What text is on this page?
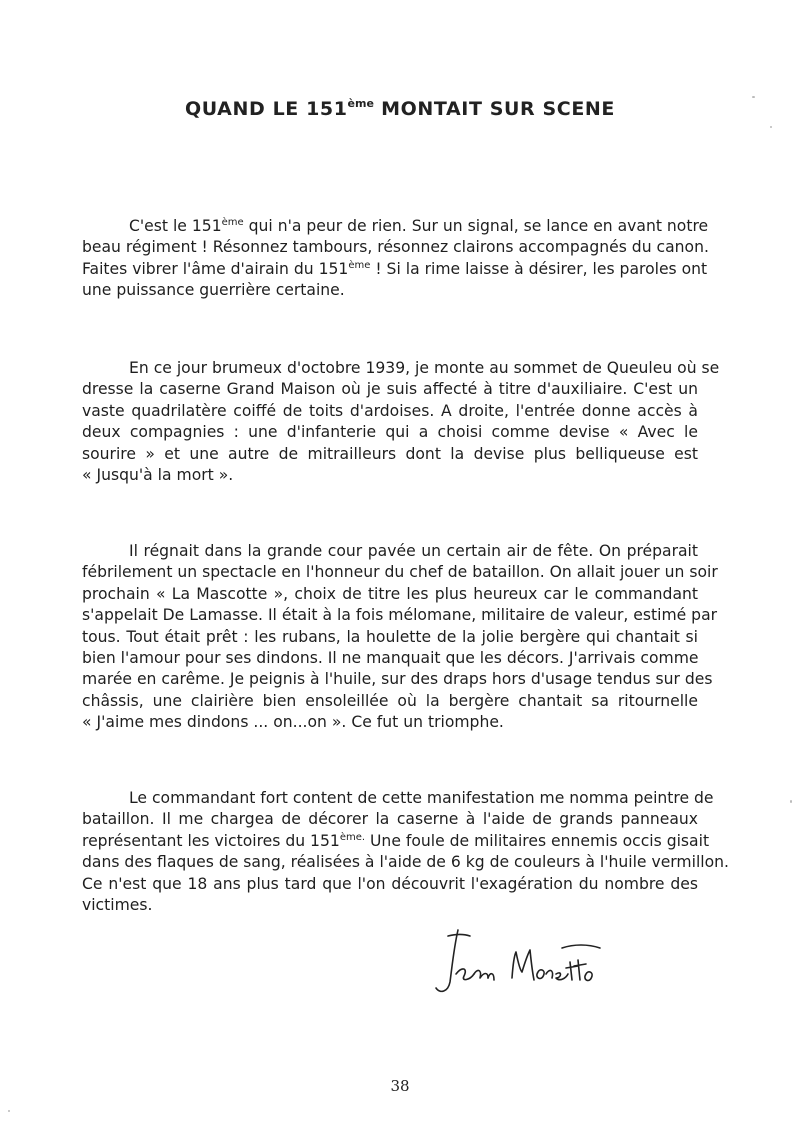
QUAND LE 151ème MONTAIT SUR SCENE
C'est le 151ème qui n'a peur de rien. Sur un signal, se lance en avant notre
beau régiment ! Résonnez tambours, résonnez clairons accompagnés du canon.
Faites vibrer l'âme d'airain du 151ème ! Si la rime laisse à désirer, les paroles ont
une puissance guerrière certaine.
En ce jour brumeux d'octobre 1939, je monte au sommet de Queuleu où se
dresse la caserne Grand Maison où je suis affecté à titre d'auxiliaire. C'est un
vaste quadrilatère coiffé de toits d'ardoises. A droite, l'entrée donne accès à
deux compagnies : une d'infanterie qui a choisi comme devise « Avec le
sourire » et une autre de mitrailleurs dont la devise plus belliqueuse est
« Jusqu'à la mort ».
Il régnait dans la grande cour pavée un certain air de fête. On préparait
fébrilement un spectacle en l'honneur du chef de bataillon. On allait jouer un soir
prochain « La Mascotte », choix de titre les plus heureux car le commandant
s'appelait De Lamasse. Il était à la fois mélomane, militaire de valeur, estimé par
tous. Tout était prêt : les rubans, la houlette de la jolie bergère qui chantait si
bien l'amour pour ses dindons. Il ne manquait que les décors. J'arrivais comme
marée en carême. Je peignis à l'huile, sur des draps hors d'usage tendus sur des
châssis, une clairière bien ensoleillée où la bergère chantait sa ritournelle
« J'aime mes dindons ... on...on ». Ce fut un triomphe.
Le commandant fort content de cette manifestation me nomma peintre de
bataillon. Il me chargea de décorer la caserne à l'aide de grands panneaux
représentant les victoires du $151^{ème.}$ Une foule de militaires ennemis occis gisait
dans des flaques de sang, réalisées à l'aide de 6 kg de couleurs à l'huile vermillon.
Ce n'est que 18 ans plus tard que l'on découvrit l'exagération du nombre des
victimes.
38
